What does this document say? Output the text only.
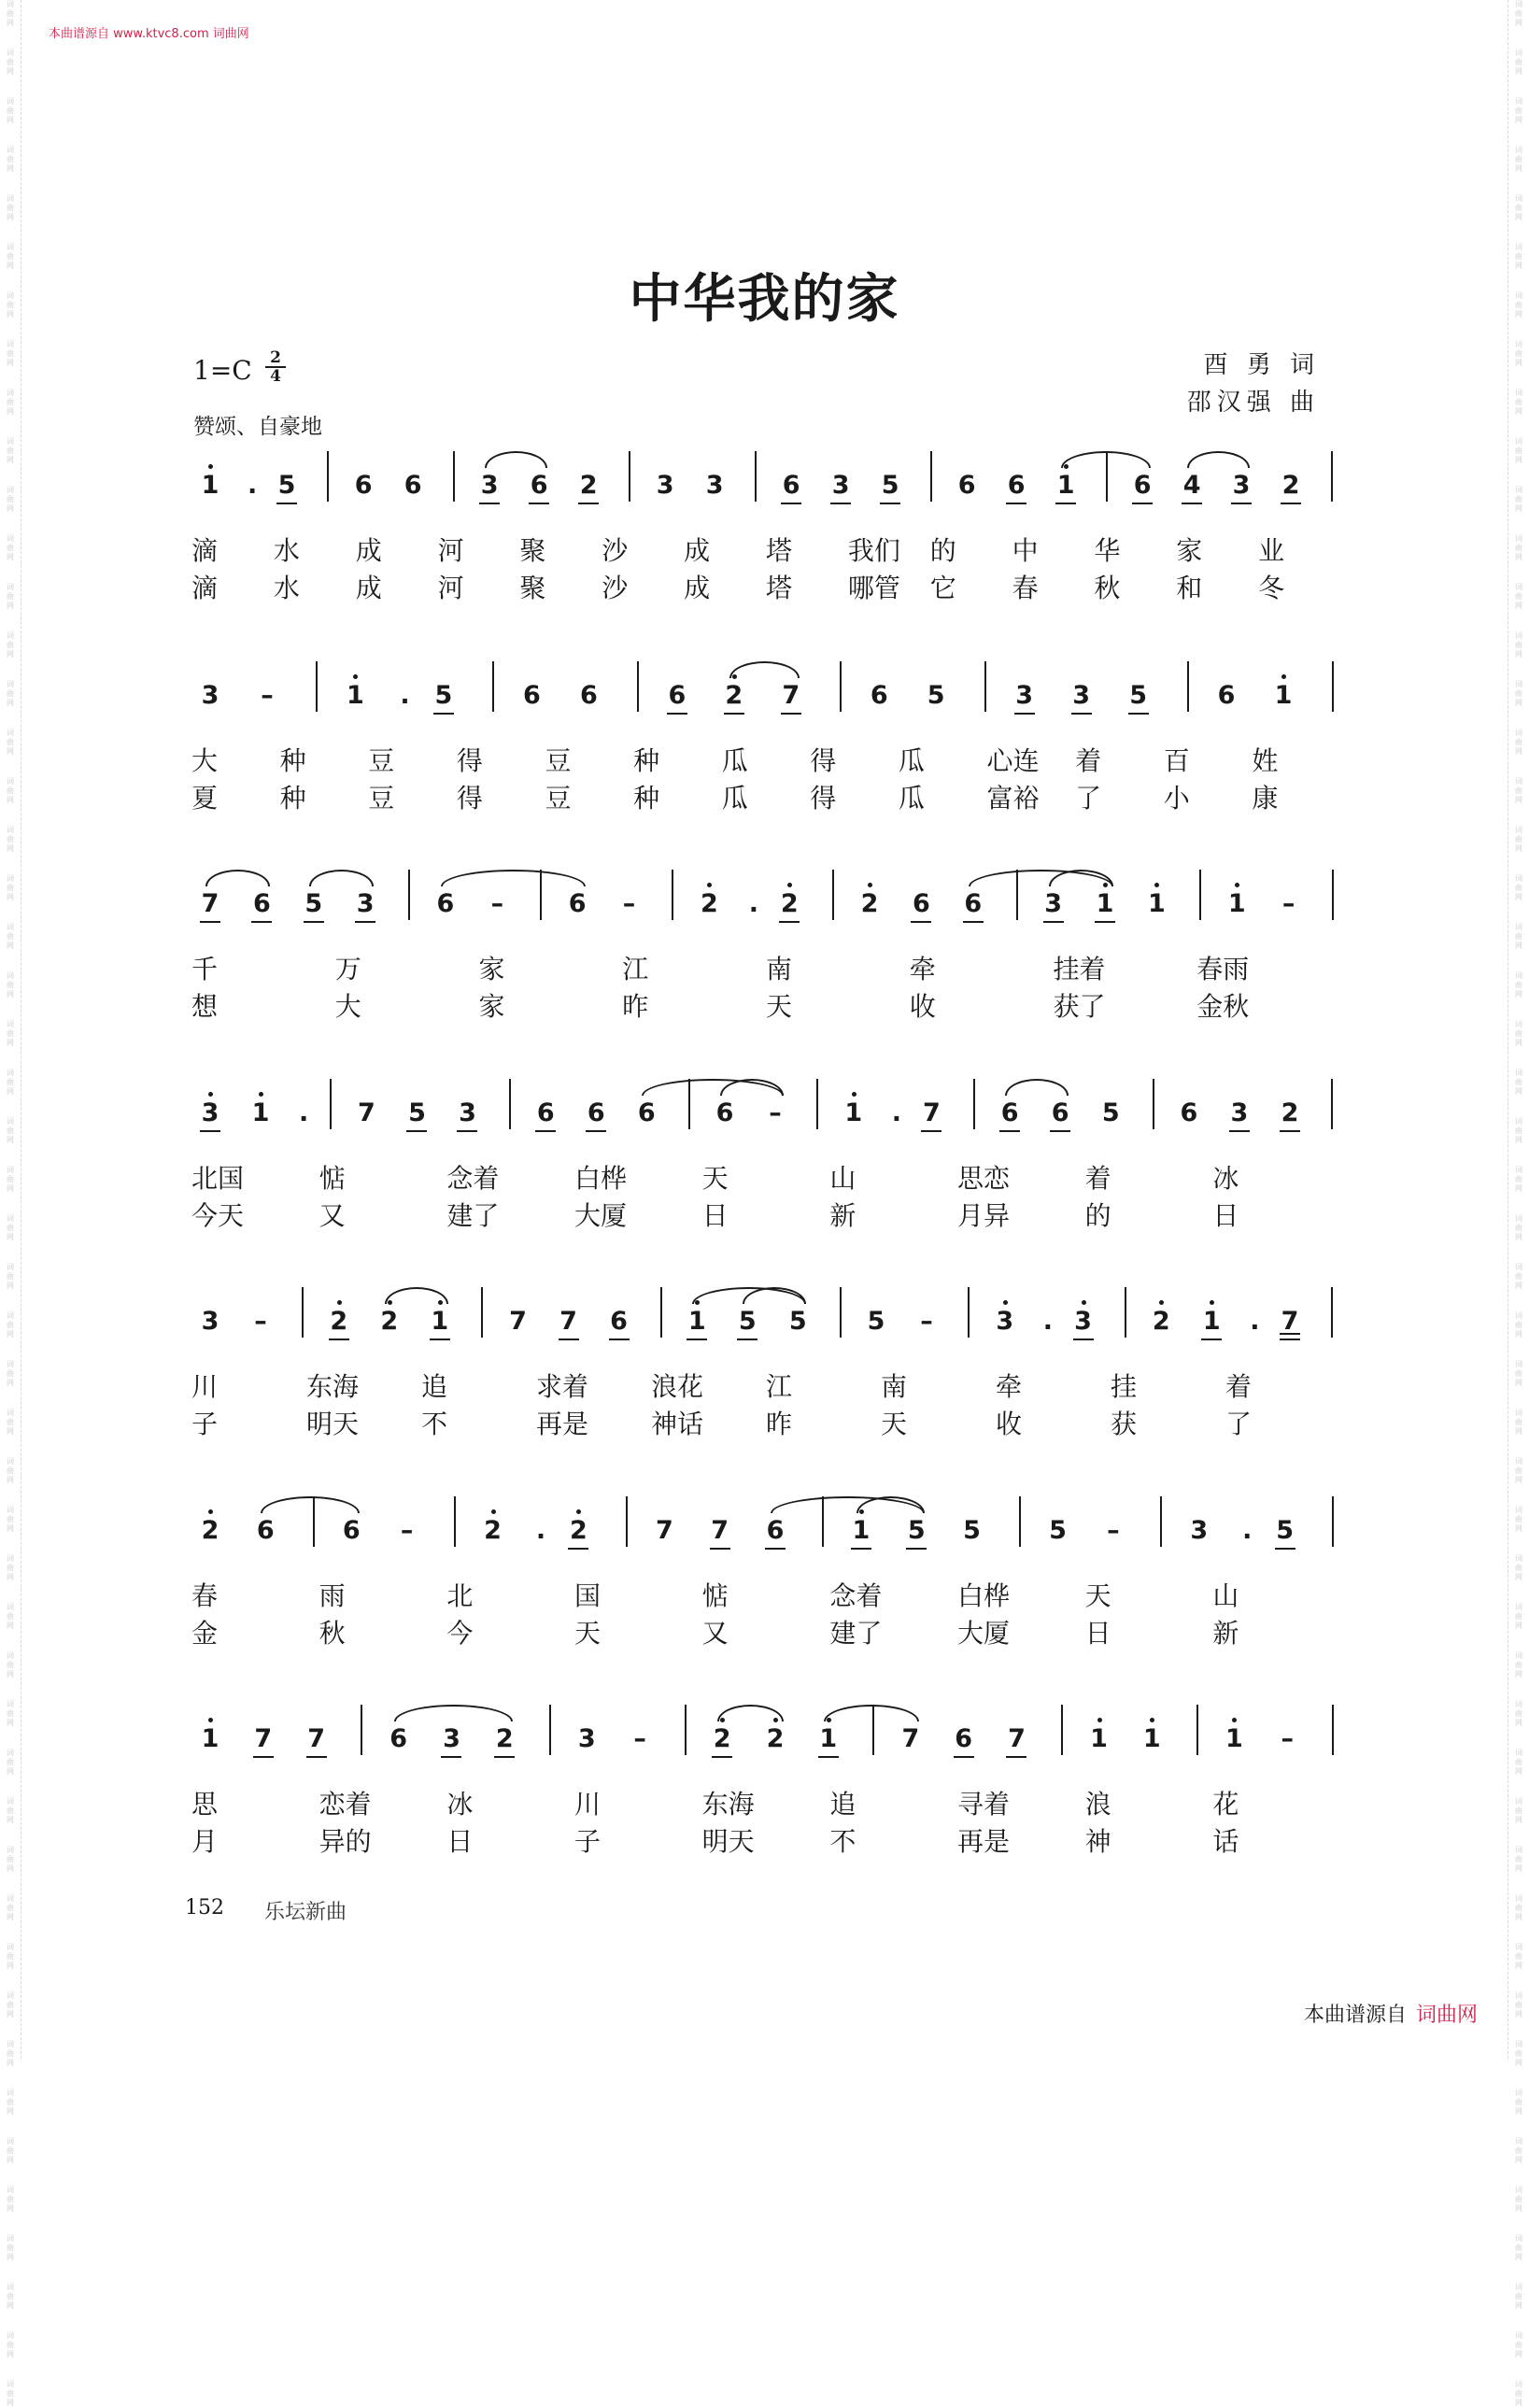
词
曲
网
词
曲
网
词
曲
网
词
曲
网
词
曲
网
词
曲
网
词
曲
网
词
曲
网
词
曲
网
词
曲
网
词
曲
网
词
曲
网
词
曲
网
词
曲
网
词
曲
网
词
曲
网
词
曲
网
词
曲
网
词
曲
网
词
曲
网
词
曲
网
词
曲
网
词
曲
网
词
曲
网
词
曲
网
词
曲
网
词
曲
网
词
曲
网
词
曲
网
词
曲
网
词
曲
网
词
曲
网
词
曲
网
词
曲
网
词
曲
网
词
曲
网
词
曲
网
词
曲
网
词
曲
网
词
曲
网
词
曲
网
词
曲
网
词
曲
网
词
曲
网
词
曲
网
词
曲
网
词
曲
网
词
曲
网
词
曲
网
词
曲
网
词
曲
网
词
曲
网
词
曲
网
词
曲
网
词
曲
网
词
曲
网
词
曲
网
词
曲
网
词
曲
网
词
曲
网
词
曲
网
词
曲
网
词
曲
网
词
曲
网
词
曲
网
词
曲
网
词
曲
网
词
曲
网
词
曲
网
词
曲
网
词
曲
网
词
曲
网
词
曲
网
词
曲
网
词
曲
网
词
曲
网
词
曲
网
词
曲
网
词
曲
网
词
曲
网
词
曲
网
词
曲
网
词
曲
网
词
曲
网
词
曲
网
词
曲
网
词
曲
网
词
曲
网
词
曲
网
词
曲
网
词
曲
网
词
曲
网
词
曲
网
词
曲
网
词
曲
网
词
曲
网
词
曲
网
词
曲
网
词
曲
网
词
曲
网
本曲谱源自 www.ktvc8.com 词曲网
中华我的家
1=C 2
4
赞颂、自豪地
酉 勇 词
邵汉强 曲
1 . 5 6 6 3 6 2 3 3 6 3 5 6 6 1 6 4 3 2
滴	水	成	河	聚	沙	成	塔	我们	的	中	华	家	业
滴	水	成	河	聚	沙	成	塔	哪管	它	春	秋	和	冬
3	–	1 . 5	6 6	6 2 7	6 5	3 3 5	6 1
大	种	豆	得	豆	种	瓜	得	瓜	心连	着	百	姓
夏	种	豆	得	豆	种	瓜	得	瓜	富裕	了	小	康
7 6 5 3 6	–	6	–	2 . 2 2 6 6 3 1 1 1	–
千	万	家	江	南	牵	挂着	春雨
想	大	家	昨	天	收	获了	金秋
3 1 . 7 5 3 6 6 6 6	–	1 . 7 6 6 5 6 3 2
北国	惦	念着	白桦	天	山	思恋	着	冰
今天	又	建了	大厦	日	新	月异	的	日
3	–	2 2 1 7 7 6 1 5 5 5	–	3 . 3 2 1 . 7
川	东海	追	求着	浪花	江	南	牵	挂	着
子	明天	不	再是	神话	昨	天	收	获	了
2 6	6	–	2 . 2	7 7 6	1 5 5	5	–	3 . 5
春	雨	北	国	惦	念着	白桦	天	山
金	秋	今	天	又	建了	大厦	日	新
1 7 7	6 3 2	3	–	2 2 1	7 6 7	1 1	1	–
思	恋着	冰	川	东海	追	寻着	浪	花
月	异的	日	子	明天	不	再是	神	话
152 乐坛新曲
本曲谱源自 词曲网
